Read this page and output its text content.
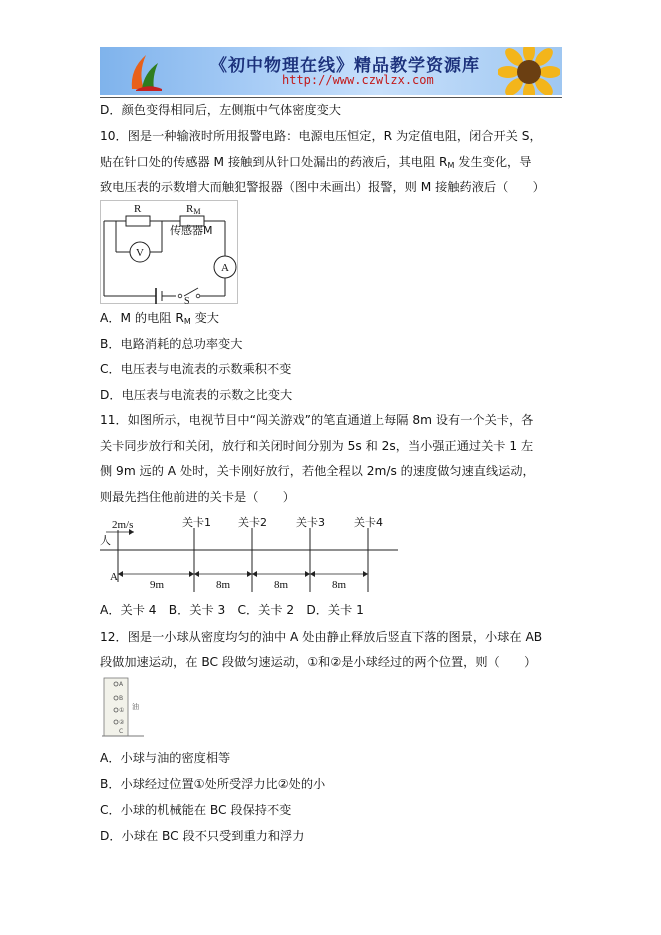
《初中物理在线》精品教学资源库
http://www.czwlzx.com
D．颜色变得相同后，左侧瓶中气体密度变大
10．图是一种输液时所用报警电路：电源电压恒定，R 为定值电阻，闭合开关 S，
贴在针口处的传感器 M 接触到从针口处漏出的药液后，其电阻 $R_M$ 发生变化，导
致电压表的示数增大而触犯警报器（图中未画出）报警，则 M 接触药液后（　　）
R	RM
V
A
S
传感器M
A．M 的电阻 $R_M$ 变大
B．电路消耗的总功率变大
C．电压表与电流表的示数乘积不变
D．电压表与电流表的示数之比变大
11．如图所示，电视节目中“闯关游戏”的笔直通道上每隔 8m 设有一个关卡，各
关卡同步放行和关闭，放行和关闭时间分别为 5s 和 2s，当小强正通过关卡 1 左
侧 9m 远的 A 处时，关卡刚好放行，若他全程以 2m/s 的速度做匀速直线运动，
则最先挡住他前进的关卡是（　　）
2m/s
人
A
关卡1 关卡2	关卡3	关卡4
9m	8m	8m	8m
A．关卡 4　B．关卡 3　C．关卡 2　D．关卡 1
12．图是一小球从密度均匀的油中 A 处由静止释放后竖直下落的图景，小球在 AB
段做加速运动，在 BC 段做匀速运动，①和②是小球经过的两个位置，则（　　）
A
B
①
②
C
油
A．小球与油的密度相等
B．小球经过位置①处所受浮力比②处的小
C．小球的机械能在 BC 段保持不变
D．小球在 BC 段不只受到重力和浮力
